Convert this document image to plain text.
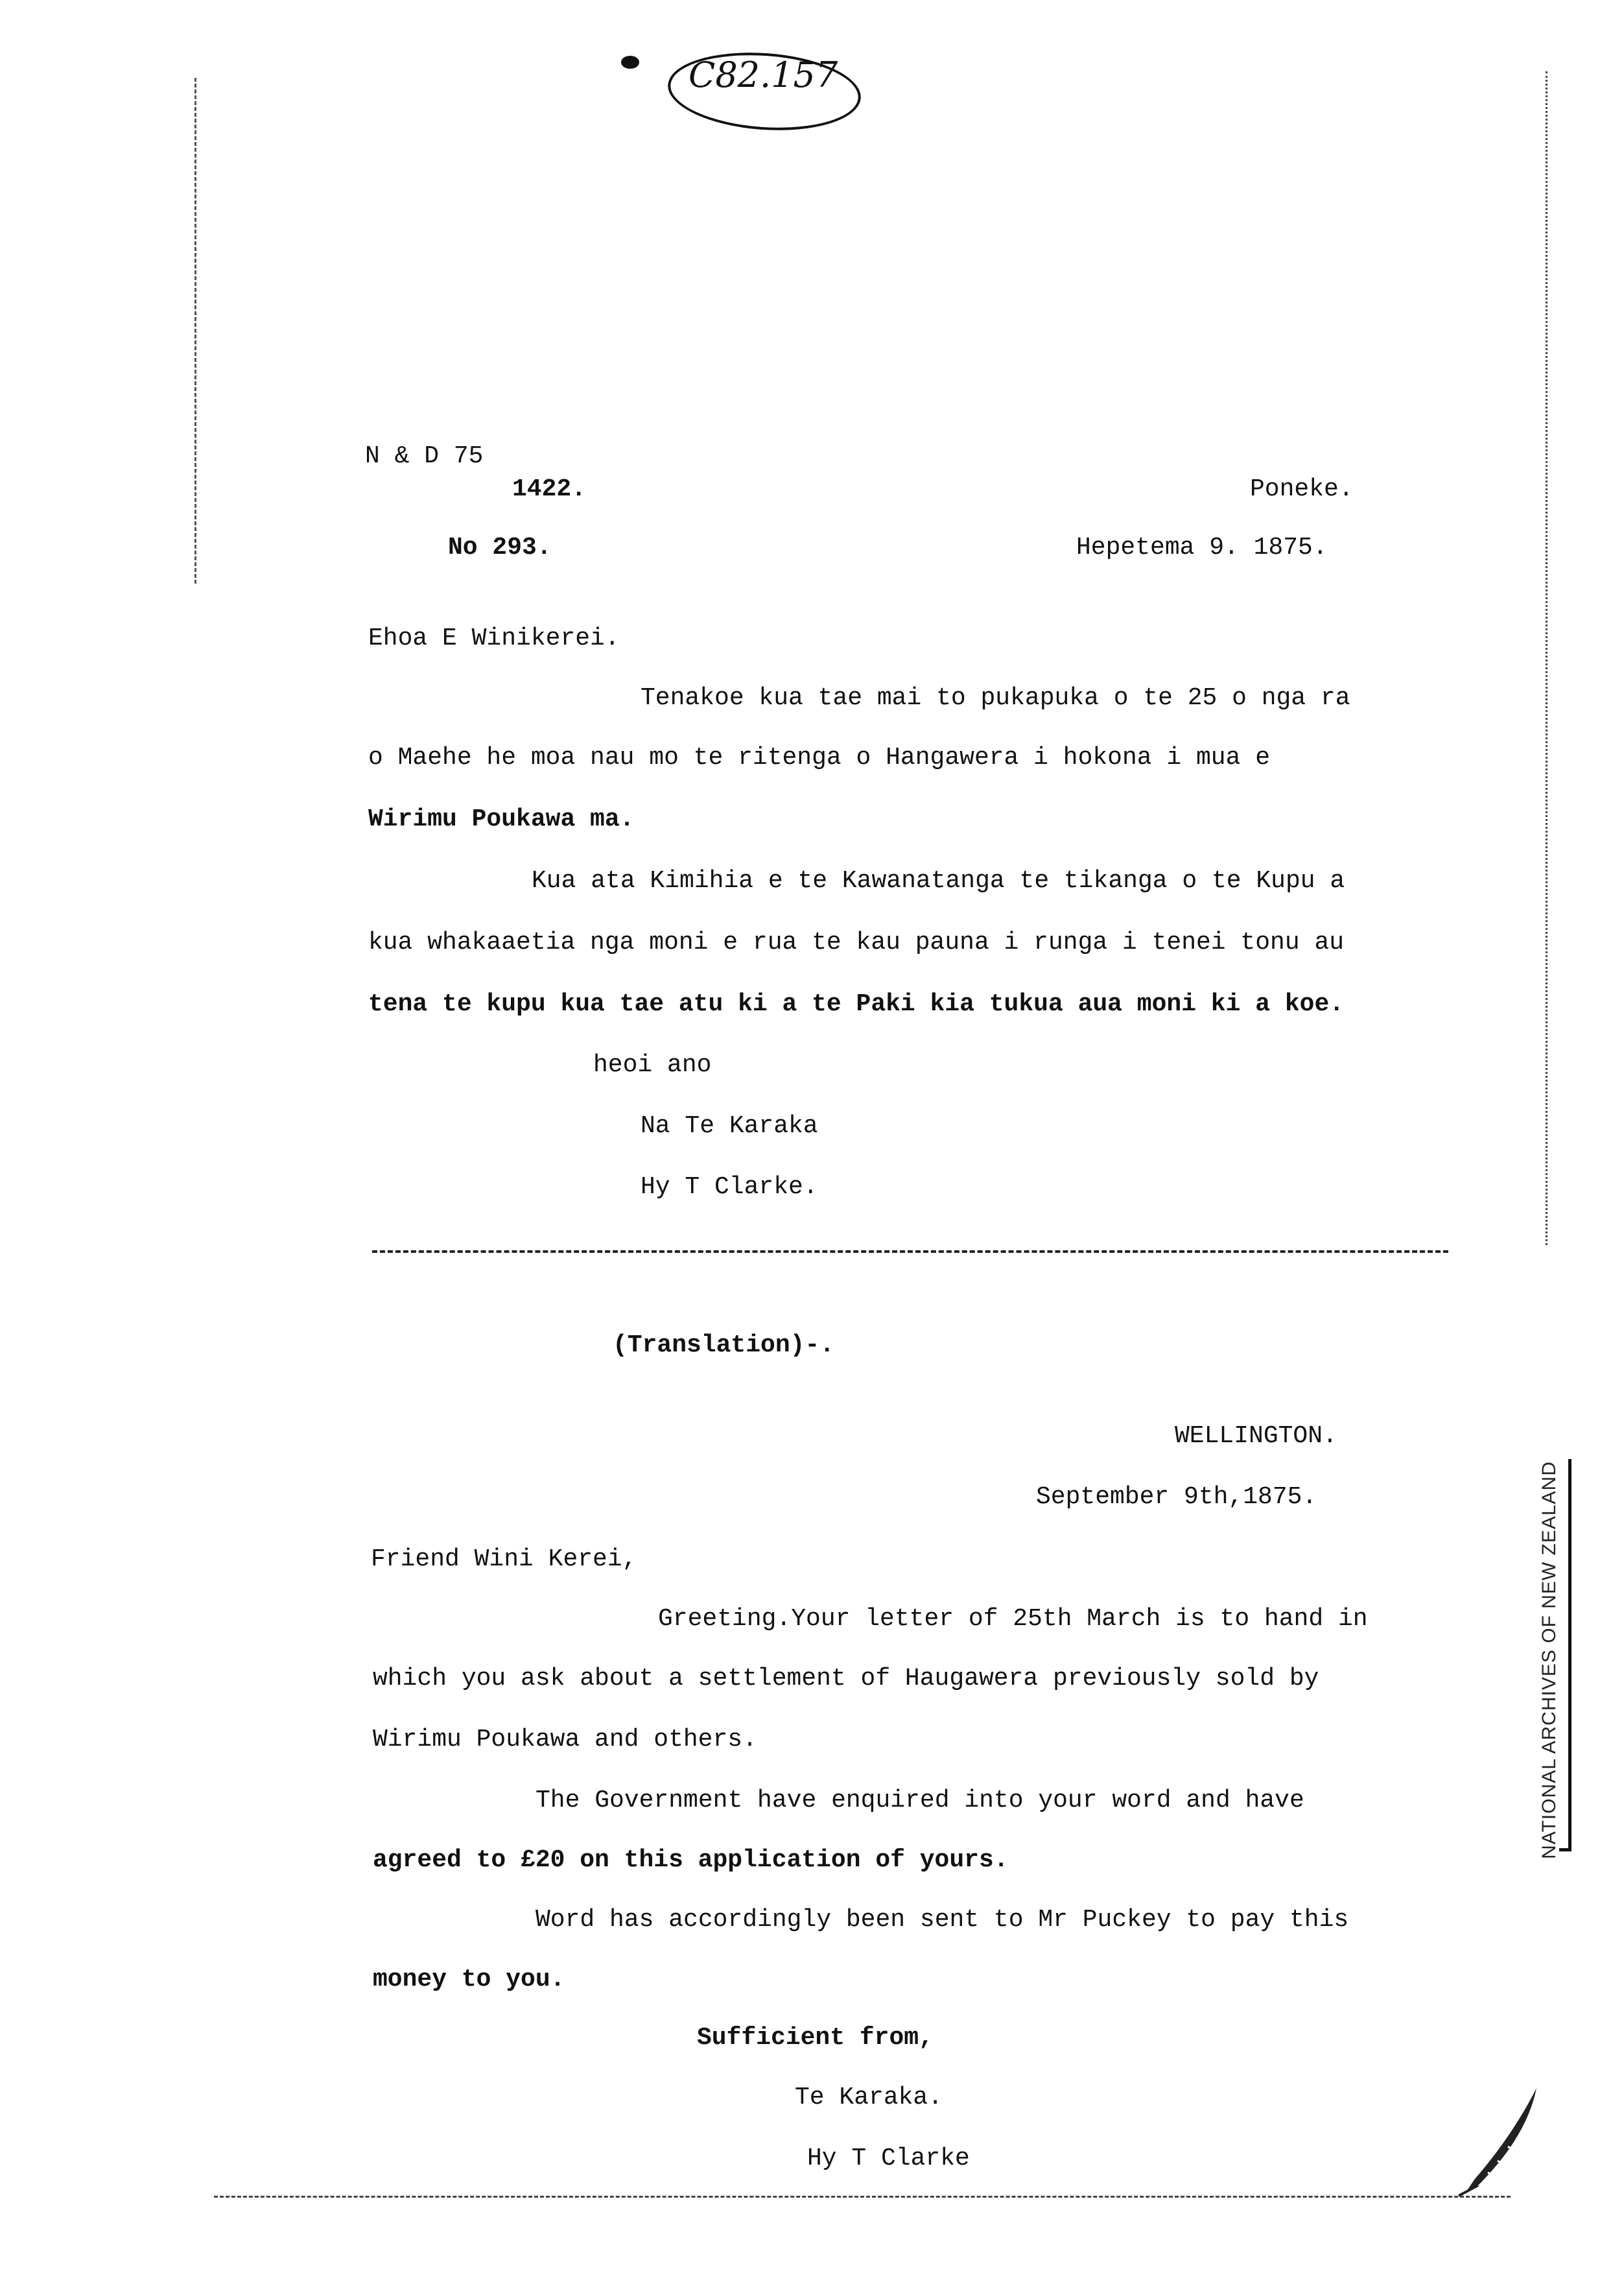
C82.157
N & D 75
1422.	Poneke.
No 293.	Hepetema 9. 1875.
Ehoa E Winikerei.
Tenakoe kua tae mai to pukapuka o te 25 o nga ra
o Maehe he moa nau mo te ritenga o Hangawera i hokona i mua e
Wirimu Poukawa ma.
Kua ata Kimihia e te Kawanatanga te tikanga o te Kupu a
kua whakaaetia nga moni e rua te kau pauna i runga i tenei tonu au
tena te kupu kua tae atu ki a te Paki kia tukua aua moni ki a koe.
heoi ano
Na Te Karaka
Hy T Clarke.
(Translation)-.
WELLINGTON.
September 9th,1875.
Friend Wini Kerei,
Greeting.Your letter of 25th March is to hand in
which you ask about a settlement of Haugawera previously sold by
Wirimu Poukawa and others.
The Government have enquired into your word and have
agreed to £20 on this application of yours.
Word has accordingly been sent to Mr Puckey to pay this
money to you.
Sufficient from,
Te Karaka.
Hy T Clarke
NATIONAL ARCHIVES OF NEW ZEALAND
